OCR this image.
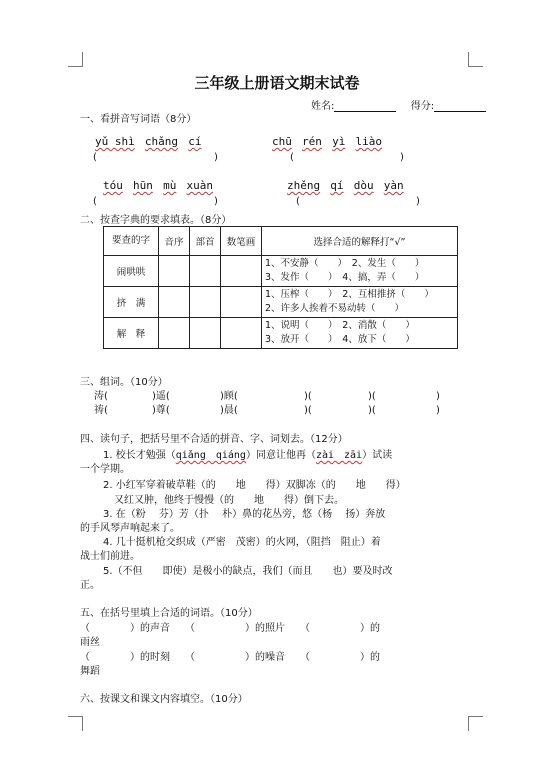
三年级上册语文期末试卷
姓名:	得分:
一、看拼音写词语（8分）
yǔ shì chǎng cí	chū rén yì liào
(	)	(	)
tóu hūn mù xuàn	zhěng qí dòu yàn
(	)	(	)
二、按查字典的要求填表。（8分）
要查的字	音序	部首	数笔画	选择合适的解释打“√”
闹哄哄				1、不安静（　　）　2、发生（　　）
3、发作（　　）　4、搞，弄（　　）

挤　满				1、压榨（　　）　2、互相推挤（　　）
2、许多人挨着不易动转（　　）

解　释				1、说明（　　）　2、消散（　　）
3、放开（　　）　4、放下（　　）
三、组词。（10分）
涛(	)遥(	)顾(	)(	)(	)
祷(	)尊(	)晨(	)(	)(	)
四、读句子，把括号里不合适的拼音、字、词划去。（12分）
1. 校长才勉强（qiǎng　qiáng）同意让他再（zài　zāi）试读
一个学期。
2. 小红军穿着破草鞋（的　　地　　得）双脚冻（的　　地　　得）
又红又肿，他终于慢慢（的　　地　　得）倒下去。
3. 在（粉　 芬）芳（扑　 朴）鼻的花丛旁，悠（杨　 扬）奔放
的手风琴声响起来了。
4. 几十挺机枪交织成（严密　茂密）的火网，（阻挡　阻止）着
战士们前进。
5.（不但　　即使）是极小的缺点，我们（而且　　也）要及时改
正。
五、在括号里填上合适的词语。（10分）
（　　　　）的声音　　（　　　　　）的照片　　（　　　　　）的
雨丝
（　　　　）的时刻　　（　　　　　）的噪音　　（　　　　　）的
舞蹈
六、按课文和课文内容填空。（10分）
